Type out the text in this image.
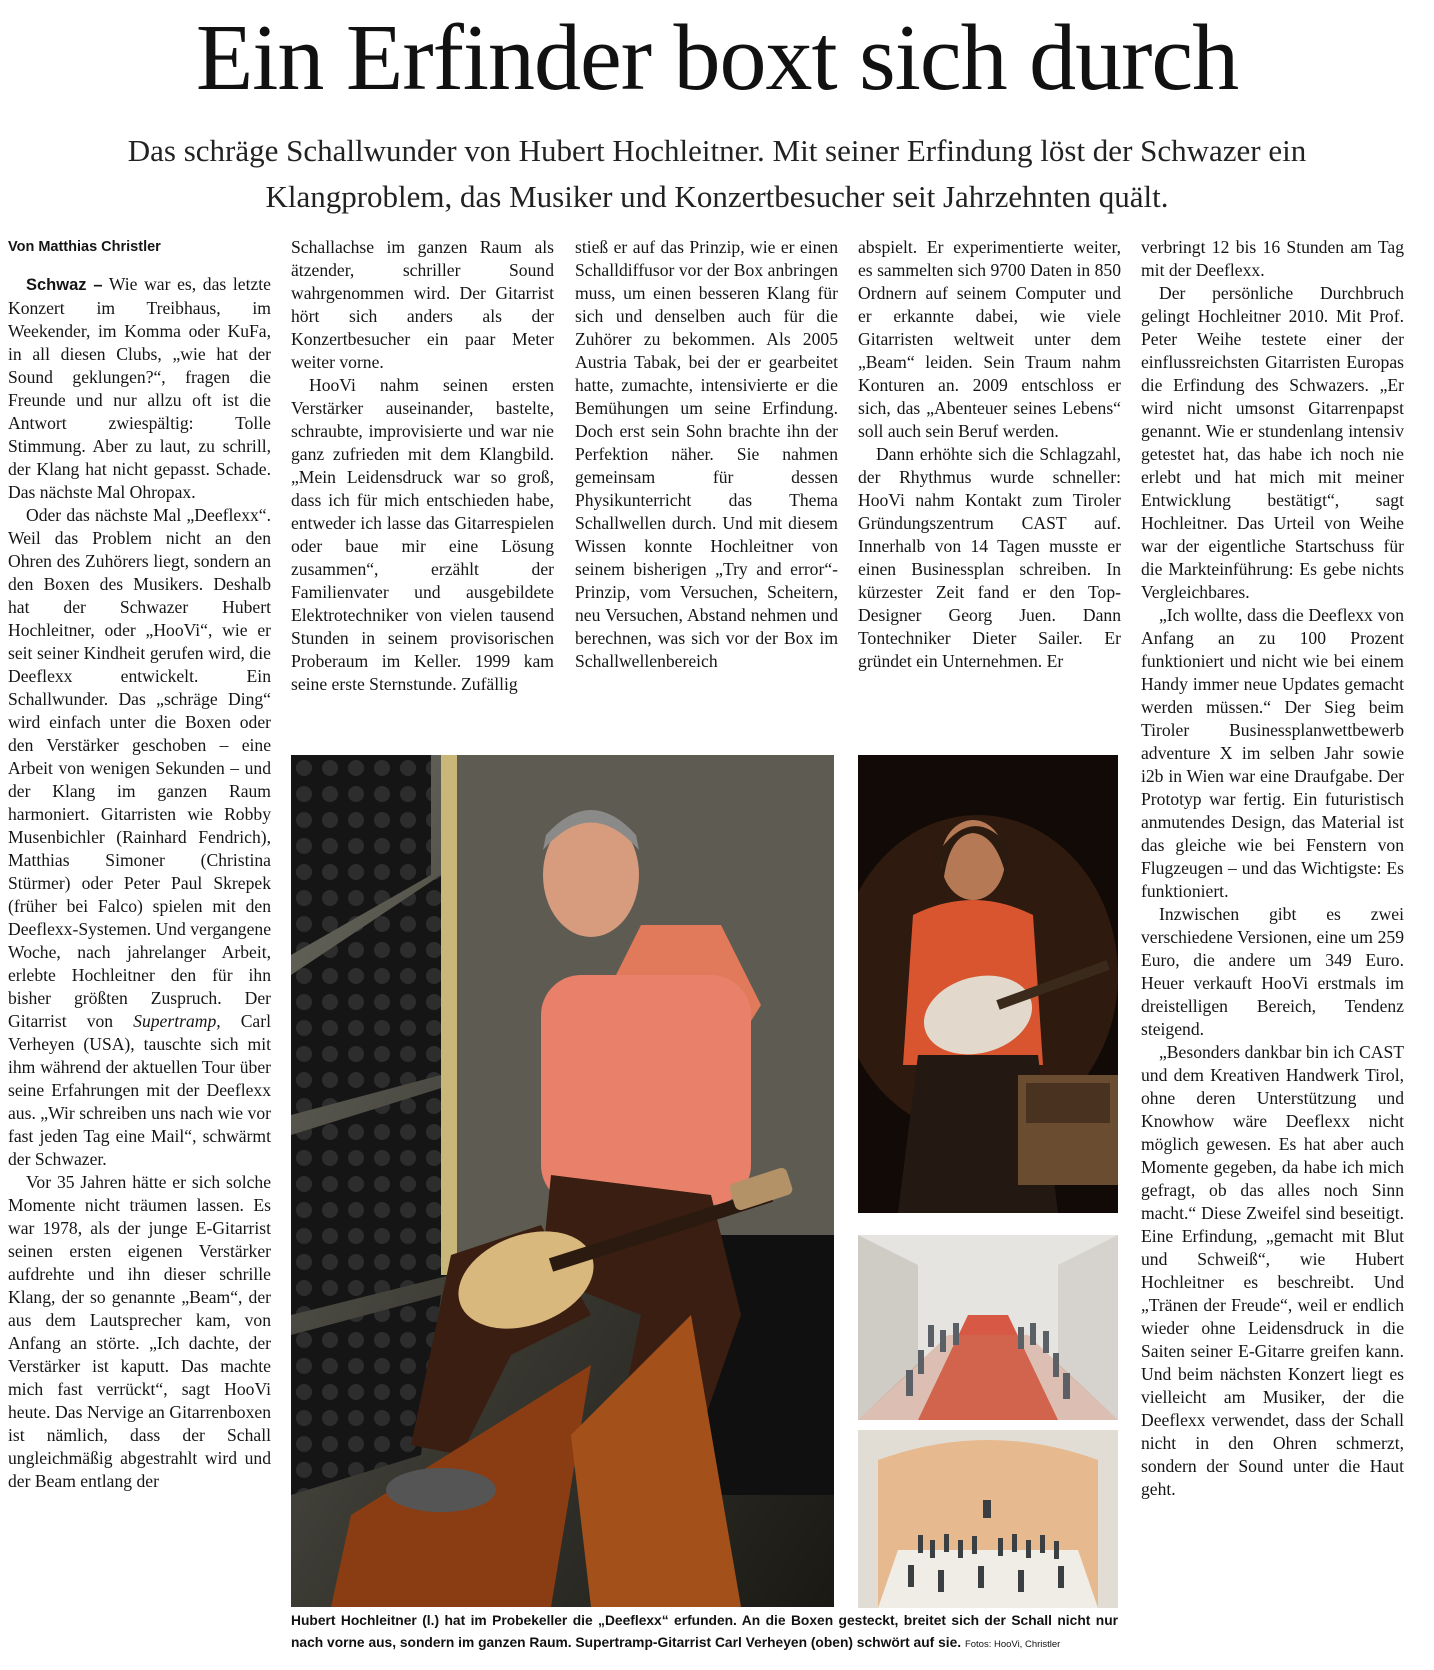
Ein Erfinder boxt sich durch

Das schräge Schallwunder von Hubert Hochleitner. Mit seiner Erfindung löst der Schwazer ein Klangproblem, das Musiker und Konzertbesucher seit Jahrzehnten quält.

Von Matthias Christler

Schwaz – Wie war es, das letzte Konzert im Treibhaus, im Weekender, im Komma oder KuFa, in all diesen Clubs, „wie hat der Sound geklungen?“, fragen die Freunde und nur allzu oft ist die Antwort zwiespältig: Tolle Stimmung. Aber zu laut, zu schrill, der Klang hat nicht gepasst. Schade. Das nächste Mal Ohropax.

Oder das nächste Mal „Deeflexx“. Weil das Problem nicht an den Ohren des Zuhörers liegt, sondern an den Boxen des Musikers. Deshalb hat der Schwazer Hubert Hochleitner, oder „HooVi“, wie er seit seiner Kindheit gerufen wird, die Deeflexx entwickelt. Ein Schallwunder. Das „schräge Ding“ wird einfach unter die Boxen oder den Verstärker geschoben – eine Arbeit von wenigen Sekunden – und der Klang im ganzen Raum harmoniert. Gitarristen wie Robby Musenbichler (Rainhard Fendrich), Matthias Simoner (Christina Stürmer) oder Peter Paul Skrepek (früher bei Falco) spielen mit den Deeflexx-Systemen. Und vergangene Woche, nach jahrelanger Arbeit, erlebte Hochleitner den für ihn bisher größten Zuspruch. Der Gitarrist von Supertramp, Carl Verheyen (USA), tauschte sich mit ihm während der aktuellen Tour über seine Erfahrungen mit der Deeflexx aus. „Wir schreiben uns nach wie vor fast jeden Tag eine Mail“, schwärmt der Schwazer.

Vor 35 Jahren hätte er sich solche Momente nicht träumen lassen. Es war 1978, als der junge E-Gitarrist seinen ersten eigenen Verstärker aufdrehte und ihn dieser schrille Klang, der so genannte „Beam“, der aus dem Lautsprecher kam, von Anfang an störte. „Ich dachte, der Verstärker ist kaputt. Das machte mich fast verrückt“, sagt HooVi heute. Das Nervige an Gitarrenboxen ist nämlich, dass der Schall ungleichmäßig abgestrahlt wird und der Beam entlang der

Schallachse im ganzen Raum als ätzender, schriller Sound wahrgenommen wird. Der Gitarrist hört sich anders als der Konzertbesucher ein paar Meter weiter vorne.

HooVi nahm seinen ersten Verstärker auseinander, bastelte, schraubte, improvisierte und war nie ganz zufrieden mit dem Klangbild. „Mein Leidensdruck war so groß, dass ich für mich entschieden habe, entweder ich lasse das Gitarrespielen oder baue mir eine Lösung zusammen“, erzählt der Familienvater und ausgebildete Elektrotechniker von vielen tausend Stunden in seinem provisorischen Proberaum im Keller. 1999 kam seine erste Sternstunde. Zufällig

stieß er auf das Prinzip, wie er einen Schalldiffusor vor der Box anbringen muss, um einen besseren Klang für sich und denselben auch für die Zuhörer zu bekommen. Als 2005 Austria Tabak, bei der er gearbeitet hatte, zumachte, intensivierte er die Bemühungen um seine Erfindung. Doch erst sein Sohn brachte ihn der Perfektion näher. Sie nahmen gemeinsam für dessen Physikunterricht das Thema Schallwellen durch. Und mit diesem Wissen konnte Hochleitner von seinem bisherigen „Try and error“-Prinzip, vom Versuchen, Scheitern, neu Versuchen, Abstand nehmen und berechnen, was sich vor der Box im Schallwellenbereich

abspielt. Er experimentierte weiter, es sammelten sich 9700 Daten in 850 Ordnern auf seinem Computer und er erkannte dabei, wie viele Gitarristen weltweit unter dem „Beam“ leiden. Sein Traum nahm Konturen an. 2009 entschloss er sich, das „Abenteuer seines Lebens“ soll auch sein Beruf werden.

Dann erhöhte sich die Schlagzahl, der Rhythmus wurde schneller: HooVi nahm Kontakt zum Tiroler Gründungszentrum CAST auf. Innerhalb von 14 Tagen musste er einen Businessplan schreiben. In kürzester Zeit fand er den Top-Designer Georg Juen. Dann Tontechniker Dieter Sailer. Er gründet ein Unternehmen. Er

verbringt 12 bis 16 Stunden am Tag mit der Deeflexx.

Der persönliche Durchbruch gelingt Hochleitner 2010. Mit Prof. Peter Weihe testete einer der einflussreichsten Gitarristen Europas die Erfindung des Schwazers. „Er wird nicht umsonst Gitarrenpapst genannt. Wie er stundenlang intensiv getestet hat, das habe ich noch nie erlebt und hat mich mit meiner Entwicklung bestätigt“, sagt Hochleitner. Das Urteil von Weihe war der eigentliche Startschuss für die Markteinführung: Es gebe nichts Vergleichbares.

„Ich wollte, dass die Deeflexx von Anfang an zu 100 Prozent funktioniert und nicht wie bei einem Handy immer neue Updates gemacht werden müssen.“ Der Sieg beim Tiroler Businessplanwettbewerb adventure X im selben Jahr sowie i2b in Wien war eine Draufgabe. Der Prototyp war fertig. Ein futuristisch anmutendes Design, das Material ist das gleiche wie bei Fenstern von Flugzeugen – und das Wichtigste: Es funktioniert.

Inzwischen gibt es zwei verschiedene Versionen, eine um 259 Euro, die andere um 349 Euro. Heuer verkauft HooVi erstmals im dreistelligen Bereich, Tendenz steigend.

„Besonders dankbar bin ich CAST und dem Kreativen Handwerk Tirol, ohne deren Unterstützung und Knowhow wäre Deeflexx nicht möglich gewesen. Es hat aber auch Momente gegeben, da habe ich mich gefragt, ob das alles noch Sinn macht.“ Diese Zweifel sind beseitigt. Eine Erfindung, „gemacht mit Blut und Schweiß“, wie Hubert Hochleitner es beschreibt. Und „Tränen der Freude“, weil er endlich wieder ohne Leidensdruck in die Saiten seiner E-Gitarre greifen kann. Und beim nächsten Konzert liegt es vielleicht am Musiker, der die Deeflexx verwendet, dass der Schall nicht in den Ohren schmerzt, sondern der Sound unter die Haut geht.

Hubert Hochleitner (l.) hat im Probekeller die „Deeflexx“ erfunden. An die Boxen gesteckt, breitet sich der Schall nicht nur nach vorne aus, sondern im ganzen Raum. Supertramp-Gitarrist Carl Verheyen (oben) schwört auf sie. Fotos: HooVi, Christler
